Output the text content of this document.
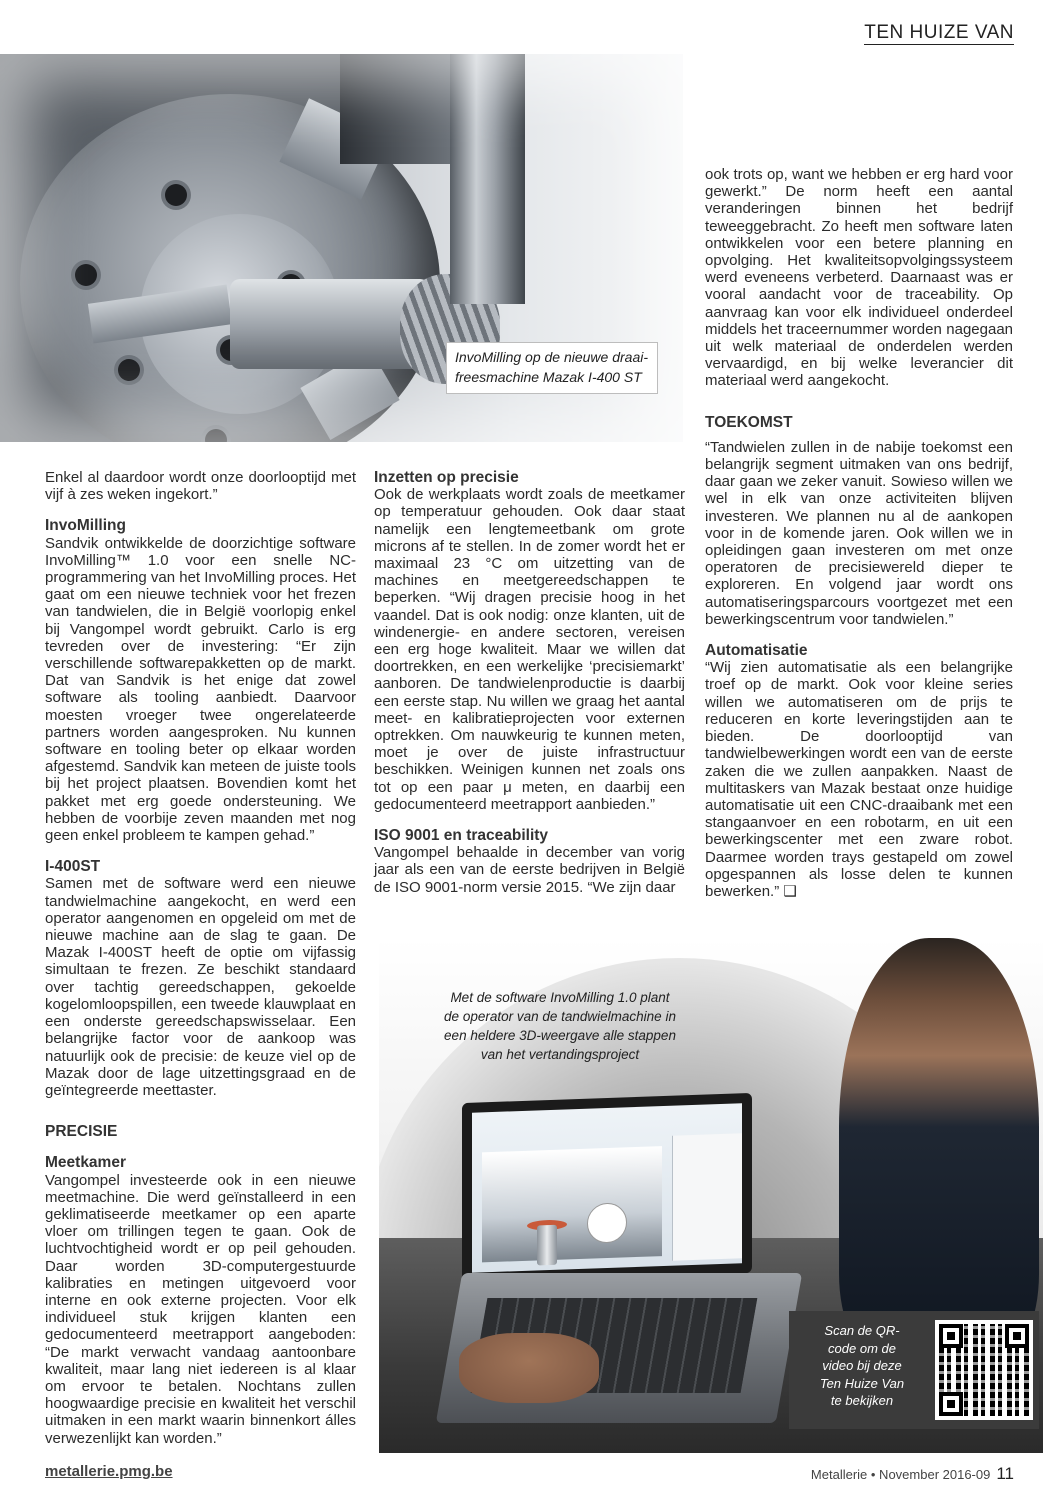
TEN HUIZE VAN
InvoMilling op de nieuwe draai-freesmachine Mazak I-400 ST

Enkel al daardoor wordt onze doorlooptijd met vijf à zes weken ingekort.”

InvoMilling

Sandvik ontwikkelde de doorzichtige software InvoMilling™ 1.0 voor een snelle NC-programmering van het InvoMilling proces. Het gaat om een nieuwe techniek voor het frezen van tandwielen, die in België voorlopig enkel bij Vangompel wordt gebruikt. Carlo is erg tevreden over de investering: “Er zijn verschillende softwarepakketten op de markt. Dat van Sandvik is het enige dat zowel software als tooling aanbiedt. Daarvoor moesten vroeger twee ongerelateerde partners worden aangesproken. Nu kunnen software en tooling beter op elkaar worden afgestemd. Sandvik kan meteen de juiste tools bij het project plaatsen. Bovendien komt het pakket met erg goede ondersteuning. We hebben de voorbije zeven maanden met nog geen enkel probleem te kampen gehad.”

I-400ST

Samen met de software werd een nieuwe tandwielmachine aangekocht, en werd een operator aangenomen en opgeleid om met de nieuwe machine aan de slag te gaan. De Mazak I-400ST heeft de optie om vijfassig simultaan te frezen. Ze beschikt standaard over tachtig gereedschappen, gekoelde kogelomloopspillen, een tweede klauwplaat en een onderste gereedschapswisselaar. Een belangrijke factor voor de aankoop was natuurlijk ook de precisie: de keuze viel op de Mazak door de lage uitzettingsgraad en de geïntegreerde meettaster.

PRECISIE
Meetkamer

Vangompel investeerde ook in een nieuwe meetmachine. Die werd geïnstalleerd in een geklimatiseerde meetkamer op een aparte vloer om trillingen tegen te gaan. Ook de luchtvochtigheid wordt er op peil gehouden. Daar worden 3D-computergestuurde kalibraties en metingen uitgevoerd voor interne en ook externe projecten. Voor elk individueel stuk krijgen klanten een gedocumenteerd meetrapport aangeboden: “De markt verwacht vandaag aantoonbare kwaliteit, maar lang niet iedereen is al klaar om ervoor te betalen. Nochtans zullen hoogwaardige precisie en kwaliteit het verschil uitmaken in een markt waarin binnenkort álles verwezenlijkt kan worden.”

Inzetten op precisie

Ook de werkplaats wordt zoals de meetkamer op temperatuur gehouden. Ook daar staat namelijk een lengtemeetbank om grote microns af te stellen. In de zomer wordt het er maximaal 23 °C om uitzetting van de machines en meetgereedschappen te beperken. “Wij dragen precisie hoog in het vaandel. Dat is ook nodig: onze klanten, uit de windenergie- en andere sectoren, vereisen een erg hoge kwaliteit. Maar we willen dat doortrekken, en een werkelijke ‘precisiemarkt’ aanboren. De tandwielenproductie is daarbij een eerste stap. Nu willen we graag het aantal meet- en kalibratieprojecten voor externen optrekken. Om nauwkeurig te kunnen meten, moet je over de juiste infrastructuur beschikken. Weinigen kunnen net zoals ons tot op een paar μ meten, en daarbij een gedocumenteerd meetrapport aanbieden.”

ISO 9001 en traceability

Vangompel behaalde in december van vorig jaar als een van de eerste bedrijven in België de ISO 9001-norm versie 2015. “We zijn daar

ook trots op, want we hebben er erg hard voor gewerkt.” De norm heeft een aantal veranderingen binnen het bedrijf teweeggebracht. Zo heeft men software laten ontwikkelen voor een betere planning en opvolging. Het kwaliteitsopvolgingssysteem werd eveneens verbeterd. Daarnaast was er vooral aandacht voor de traceability. Op aanvraag kan voor elk individueel onderdeel middels het traceernummer worden nagegaan uit welk materiaal de onderdelen werden vervaardigd, en bij welke leverancier dit materiaal werd aangekocht.

TOEKOMST

“Tandwielen zullen in de nabije toekomst een belangrijk segment uitmaken van ons bedrijf, daar gaan we zeker vanuit. Sowieso willen we wel in elk van onze activiteiten blijven investeren. We plannen nu al de aankopen voor in de komende jaren. Ook willen we in opleidingen gaan investeren om met onze operatoren de precisiewereld dieper te exploreren. En volgend jaar wordt ons automatiseringsparcours voortgezet met een bewerkingscentrum voor tandwielen.”

Automatisatie

“Wij zien automatisatie als een belangrijke troef op de markt. Ook voor kleine series willen we automatiseren om de prijs te reduceren en korte leveringstijden aan te bieden. De doorlooptijd van tandwielbewerkingen wordt een van de eerste zaken die we zullen aanpakken. Naast de multitaskers van Mazak bestaat onze huidige automatisatie uit een CNC-draaibank met een stangaanvoer en een robotarm, en uit een bewerkingscenter met een zware robot. Daarmee worden trays gestapeld om zowel opgespannen als losse delen te kunnen bewerken.” ❑

Met de software InvoMilling 1.0 plant de operator van de tandwielmachine in een heldere 3D-weergave alle stappen van het vertandingsproject
Scan de QR-code om de video bij deze Ten Huize Van te bekijken
metallerie.pmg.be	Metallerie • November 2016-09 11
